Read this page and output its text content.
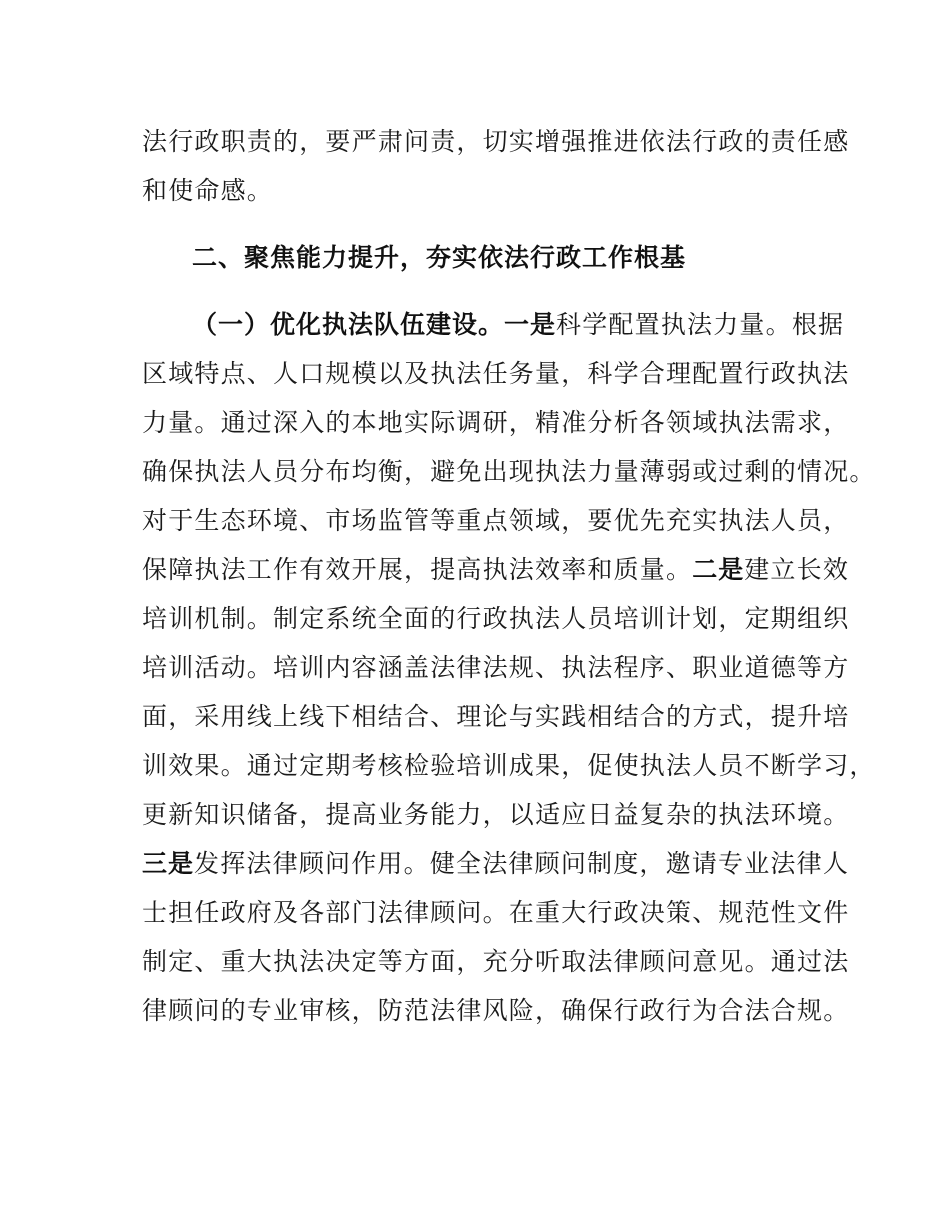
法行政职责的，要严肃问责，切实增强推进依法行政的责任感
和使命感。
二、聚焦能力提升，夯实依法行政工作根基
（一）优化执法队伍建设。一是科学配置执法力量。根据
区域特点、人口规模以及执法任务量，科学合理配置行政执法
力量。通过深入的本地实际调研，精准分析各领域执法需求，
确保执法人员分布均衡，避免出现执法力量薄弱或过剩的情况。
对于生态环境、市场监管等重点领域，要优先充实执法人员，
保障执法工作有效开展，提高执法效率和质量。二是建立长效
培训机制。制定系统全面的行政执法人员培训计划，定期组织
培训活动。培训内容涵盖法律法规、执法程序、职业道德等方
面，采用线上线下相结合、理论与实践相结合的方式，提升培
训效果。通过定期考核检验培训成果，促使执法人员不断学习，
更新知识储备，提高业务能力，以适应日益复杂的执法环境。
三是发挥法律顾问作用。健全法律顾问制度，邀请专业法律人
士担任政府及各部门法律顾问。在重大行政决策、规范性文件
制定、重大执法决定等方面，充分听取法律顾问意见。通过法
律顾问的专业审核，防范法律风险，确保行政行为合法合规。
